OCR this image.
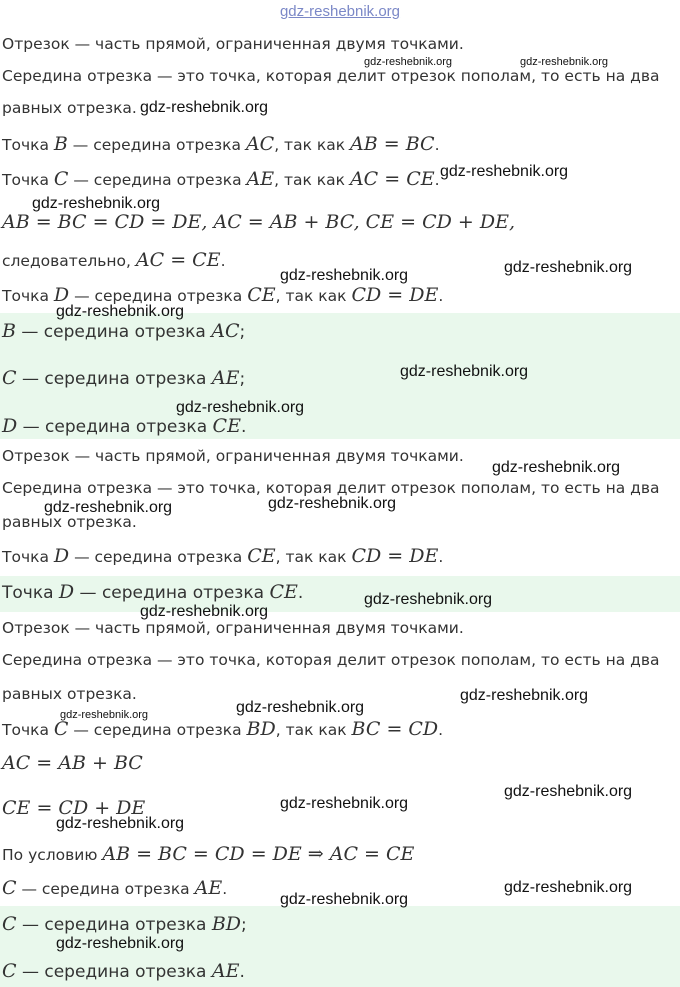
gdz-reshebnik.org
Отрезок — часть прямой, ограниченная двумя точками.
Середина отрезка — это точка, которая делит отрезок пополам, то есть на два
равных отрезка.
Точка B — середина отрезка AC, так как AB = BC.
Точка C — середина отрезка AE, так как AC = CE.
AB = BC = CD = DE, AC = AB + BC, CE = CD + DE,
следовательно, AC = CE.
Точка D — середина отрезка CE, так как CD = DE.
B — середина отрезка AC;
C — середина отрезка AE;
D — середина отрезка CE.
Отрезок — часть прямой, ограниченная двумя точками.
Середина отрезка — это точка, которая делит отрезок пополам, то есть на два
равных отрезка.
Точка D — середина отрезка CE, так как CD = DE.
Точка D — середина отрезка CE.
Отрезок — часть прямой, ограниченная двумя точками.
Середина отрезка — это точка, которая делит отрезок пополам, то есть на два
равных отрезка.
Точка C — середина отрезка BD, так как BC = CD.
AC = AB + BC
CE = CD + DE
По условию AB = BC = CD = DE ⇒ AC = CE
C — середина отрезка AE.
C — середина отрезка BD;
C — середина отрезка AE.
gdz-reshebnik.org	gdz-reshebnik.org
gdz-reshebnik.org
gdz-reshebnik.org
gdz-reshebnik.org
gdz-reshebnik.org	gdz-reshebnik.org
gdz-reshebnik.org
gdz-reshebnik.org
gdz-reshebnik.org
gdz-reshebnik.org
gdz-reshebnik.org
gdz-reshebnik.org
gdz-reshebnik.org
gdz-reshebnik.org
gdz-reshebnik.org
gdz-reshebnik.org
gdz-reshebnik.org
gdz-reshebnik.org
gdz-reshebnik.org
gdz-reshebnik.org
gdz-reshebnik.org
gdz-reshebnik.org
gdz-reshebnik.org
